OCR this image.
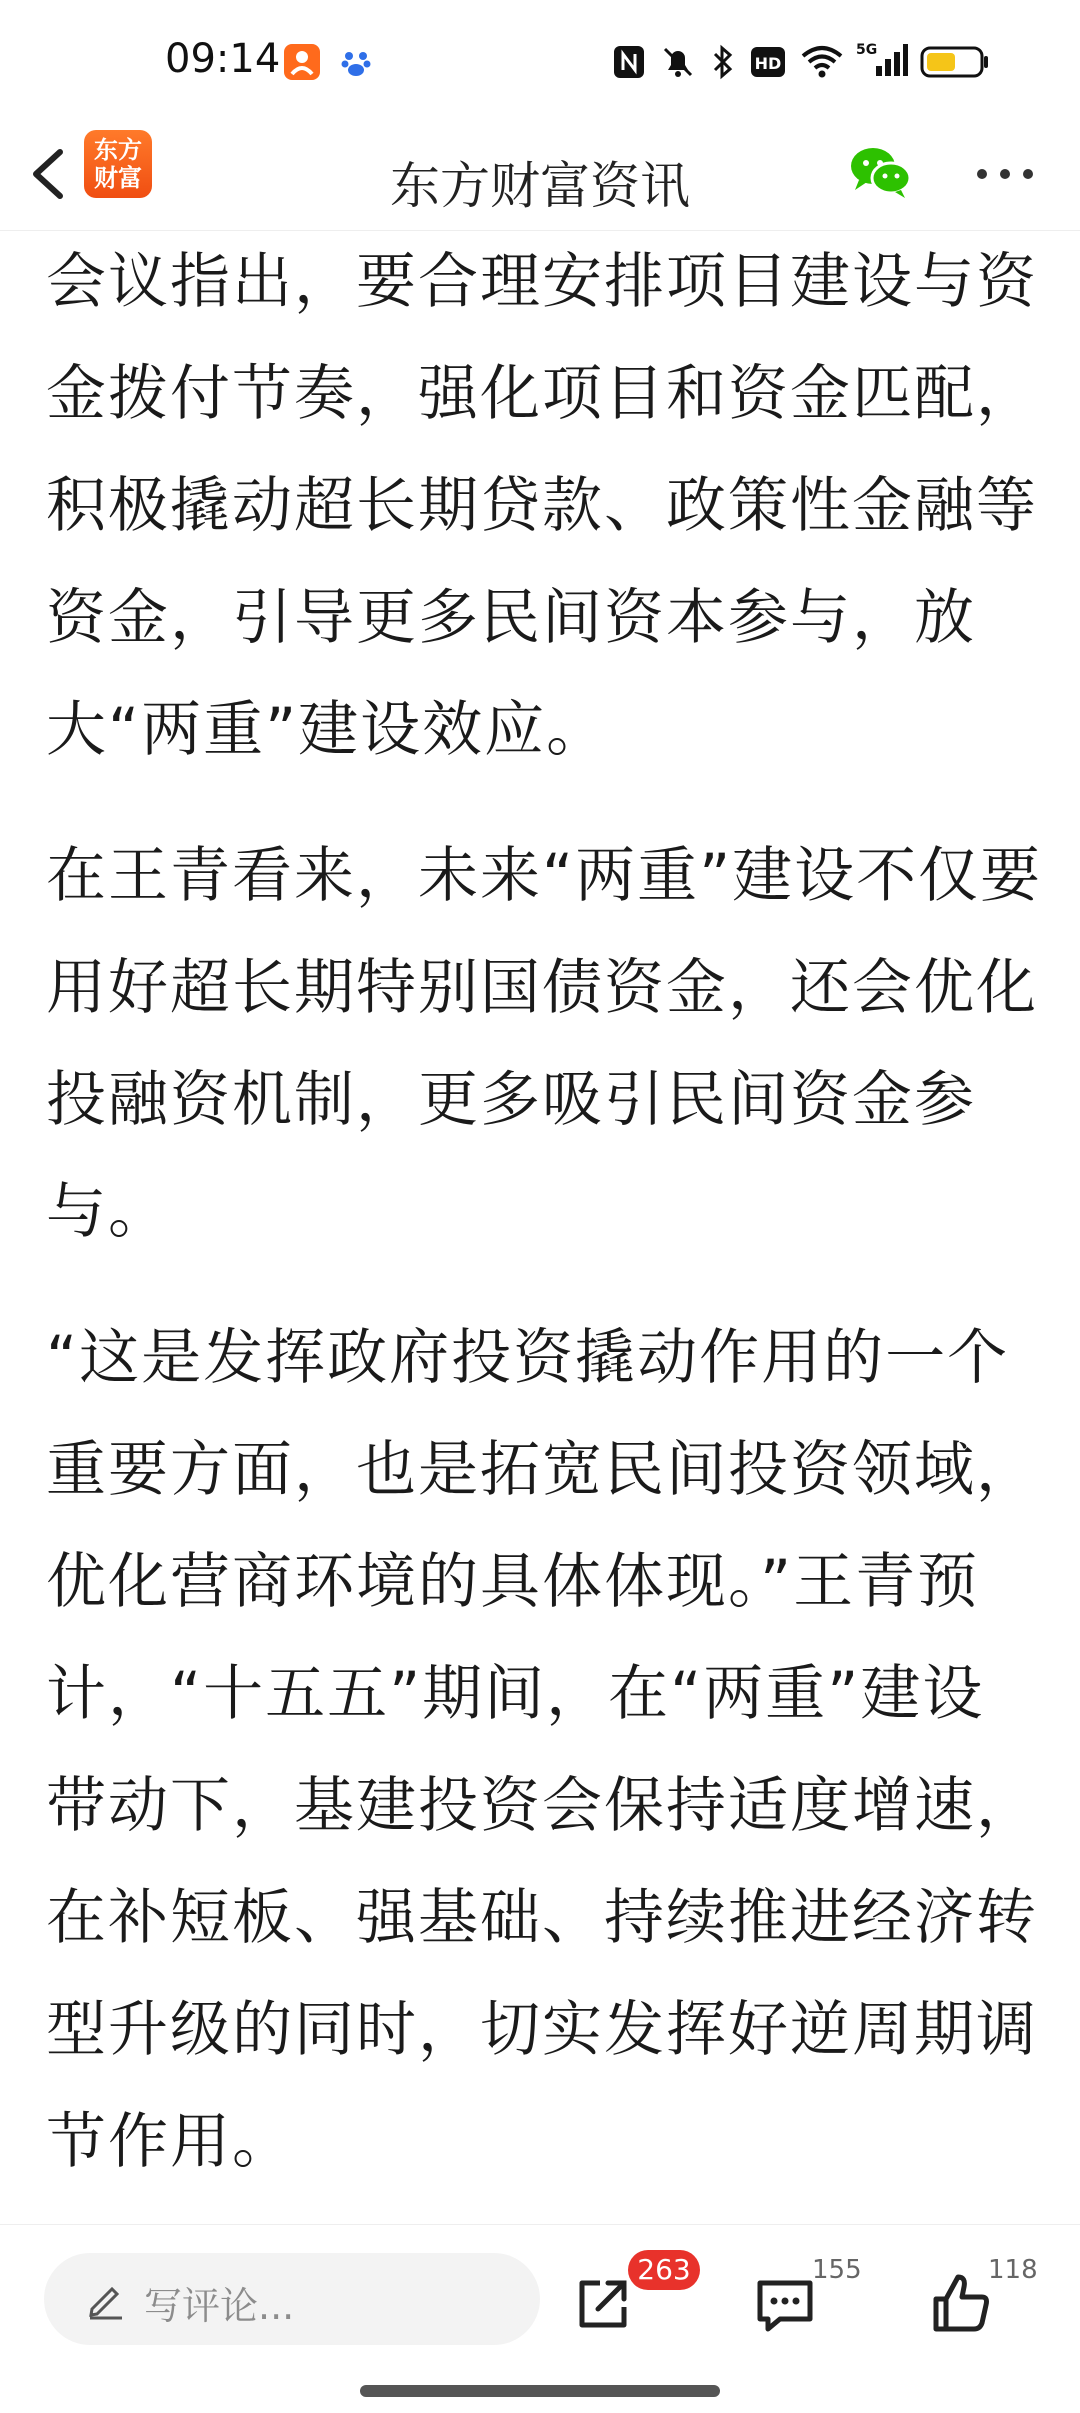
09:14	HD
5G
东方
财富	东方财富资讯

会议指出，要合理安排项目建设与资金拨付节奏，强化项目和资金匹配，积极撬动超长期贷款、政策性金融等资金，引导更多民间资本参与，放大“两重”建设效应。

在王青看来，未来“两重”建设不仅要用好超长期特别国债资金，还会优化投融资机制，更多吸引民间资金参与。

“这是发挥政府投资撬动作用的一个重要方面，也是拓宽民间投资领域，优化营商环境的具体体现。”王青预计，“十五五”期间，在“两重”建设带动下，基建投资会保持适度增速，在补短板、强基础、持续推进经济转型升级的同时，切实发挥好逆周期调节作用。

写评论...
263	155	118
